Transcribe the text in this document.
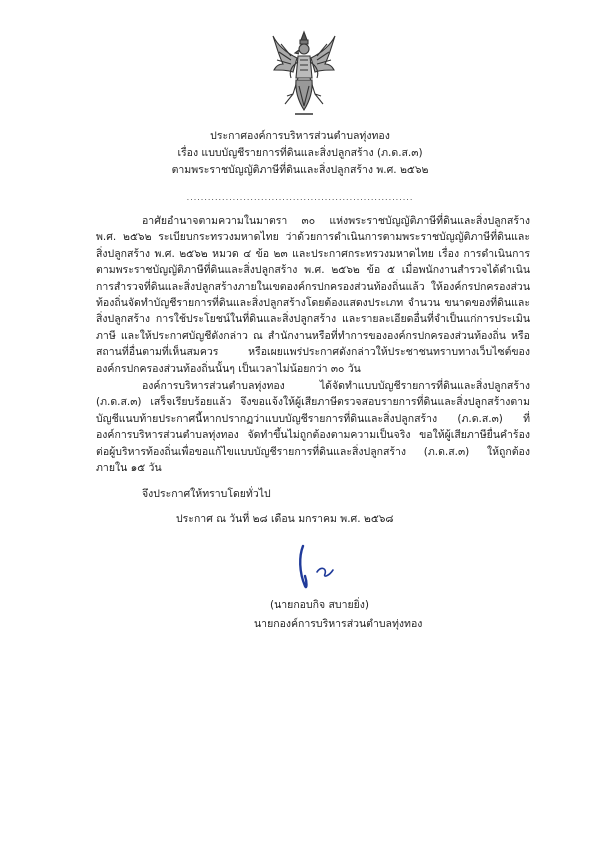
ประกาศองค์การบริหารส่วนตำบลทุ่งทอง
เรื่อง แบบบัญชีรายการที่ดินและสิ่งปลูกสร้าง (ภ.ด.ส.๓)
ตามพระราชบัญญัติภาษีที่ดินและสิ่งปลูกสร้าง พ.ศ. ๒๕๖๒
................................................................

อาศัยอำนาจตามความในมาตรา ๓๐ แห่งพระราชบัญญัติภาษีที่ดินและสิ่งปลูกสร้าง พ.ศ. ๒๕๖๒ ระเบียบกระทรวงมหาดไทย ว่าด้วยการดำเนินการตามพระราชบัญญัติภาษีที่ดินและสิ่งปลูกสร้าง พ.ศ. ๒๕๖๒ หมวด ๔ ข้อ ๒๓ และประกาศกระทรวงมหาดไทย เรื่อง การดำเนินการตามพระราชบัญญัติภาษีที่ดินและสิ่งปลูกสร้าง พ.ศ. ๒๕๖๒ ข้อ ๕ เมื่อพนักงานสำรวจได้ดำเนินการสำรวจที่ดินและสิ่งปลูกสร้างภายในเขตองค์กรปกครองส่วนท้องถิ่นแล้ว ให้องค์กรปกครองส่วนท้องถิ่นจัดทำบัญชีรายการที่ดินและสิ่งปลูกสร้างโดยต้องแสดงประเภท จำนวน ขนาดของที่ดินและสิ่งปลูกสร้าง การใช้ประโยชน์ในที่ดินและสิ่งปลูกสร้าง และรายละเอียดอื่นที่จำเป็นแก่การประเมินภาษี และให้ประกาศบัญชีดังกล่าว ณ สำนักงานหรือที่ทำการขององค์กรปกครองส่วนท้องถิ่น หรือสถานที่อื่นตามที่เห็นสมควร หรือเผยแพร่ประกาศดังกล่าวให้ประชาชนทราบทางเว็บไซต์ขององค์กรปกครองส่วนท้องถิ่นนั้นๆ เป็นเวลาไม่น้อยกว่า ๓๐ วัน

องค์การบริหารส่วนตำบลทุ่งทอง ได้จัดทำแบบบัญชีรายการที่ดินและสิ่งปลูกสร้าง (ภ.ด.ส.๓) เสร็จเรียบร้อยแล้ว จึงขอแจ้งให้ผู้เสียภาษีตรวจสอบรายการที่ดินและสิ่งปลูกสร้างตามบัญชีแนบท้ายประกาศนี้หากปรากฏว่าแบบบัญชีรายการที่ดินและสิ่งปลูกสร้าง (ภ.ด.ส.๓) ที่องค์การบริหารส่วนตำบลทุ่งทอง จัดทำขึ้นไม่ถูกต้องตามความเป็นจริง ขอให้ผู้เสียภาษียื่นคำร้องต่อผู้บริหารท้องถิ่นเพื่อขอแก้ไขแบบบัญชีรายการที่ดินและสิ่งปลูกสร้าง (ภ.ด.ส.๓) ให้ถูกต้องภายใน ๑๕ วัน

จึงประกาศให้ทราบโดยทั่วไป
ประกาศ ณ วันที่ ๒๘ เดือน มกราคม พ.ศ. ๒๕๖๘
(นายกอบกิจ สบายยิ่ง)
นายกองค์การบริหารส่วนตำบลทุ่งทอง
